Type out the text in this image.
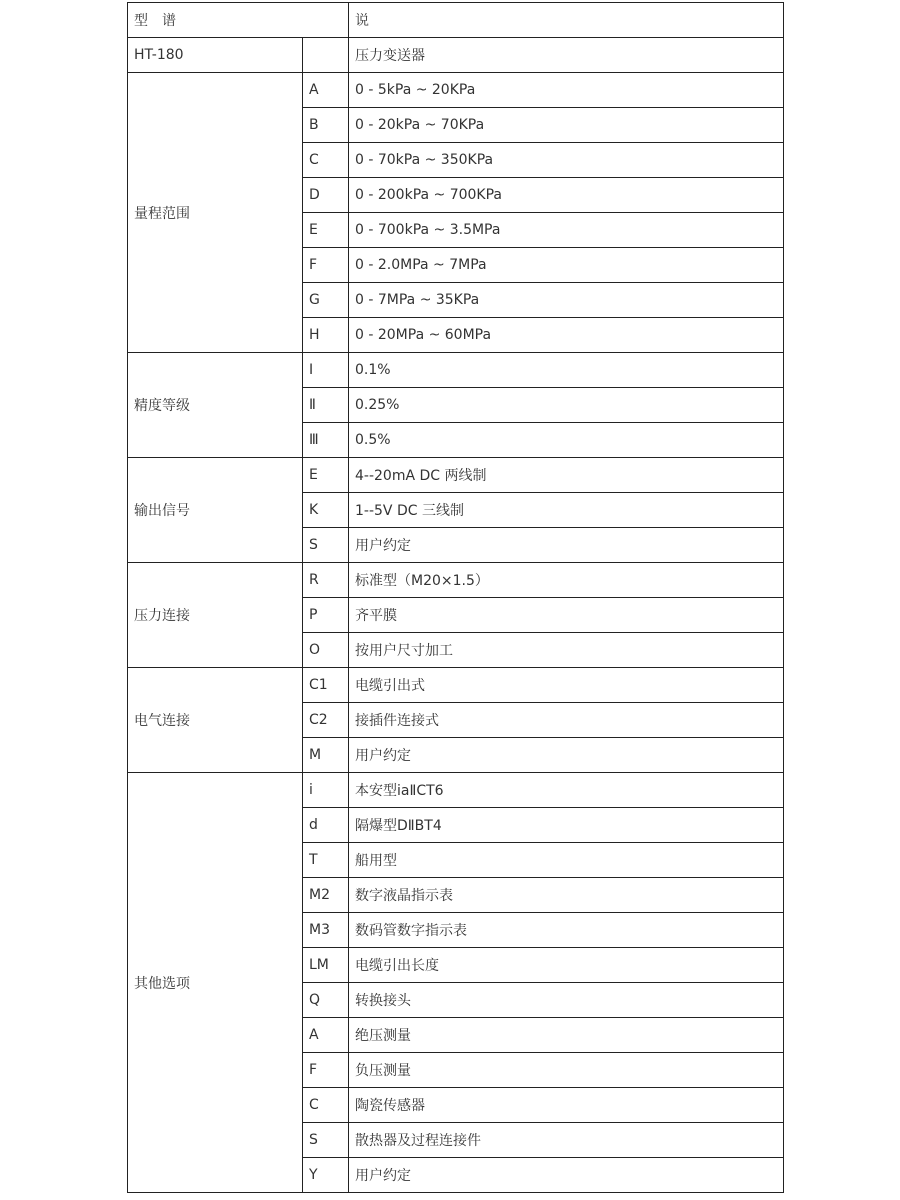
型 谱		说
HT-180		压力变送器
量程范围	A	0 - 5kPa ~ 20KPa
	B	0 - 20kPa ~ 70KPa
	C	0 - 70kPa ~ 350KPa
	D	0 - 200kPa ~ 700KPa
	E	0 - 700kPa ~ 3.5MPa
	F	0 - 2.0MPa ~ 7MPa
	G	0 - 7MPa ~ 35KPa
	H	0 - 20MPa ~ 60MPa
精度等级	Ⅰ	0.1%
	Ⅱ	0.25%
	Ⅲ	0.5%
输出信号	E	4--20mA DC 两线制
	K	1--5V DC 三线制
	S	用户约定
压力连接	R	标准型（M20×1.5）
	P	齐平膜
	O	按用户尺寸加工
电气连接	C1	电缆引出式
	C2	接插件连接式
	M	用户约定
其他选项	i	本安型iaⅡCT6
	d	隔爆型DⅡBT4
	T	船用型
	M2	数字液晶指示表
	M3	数码管数字指示表
	LM	电缆引出长度
	Q	转换接头
	A	绝压测量
	F	负压测量
	C	陶瓷传感器
	S	散热器及过程连接件
	Y	用户约定
